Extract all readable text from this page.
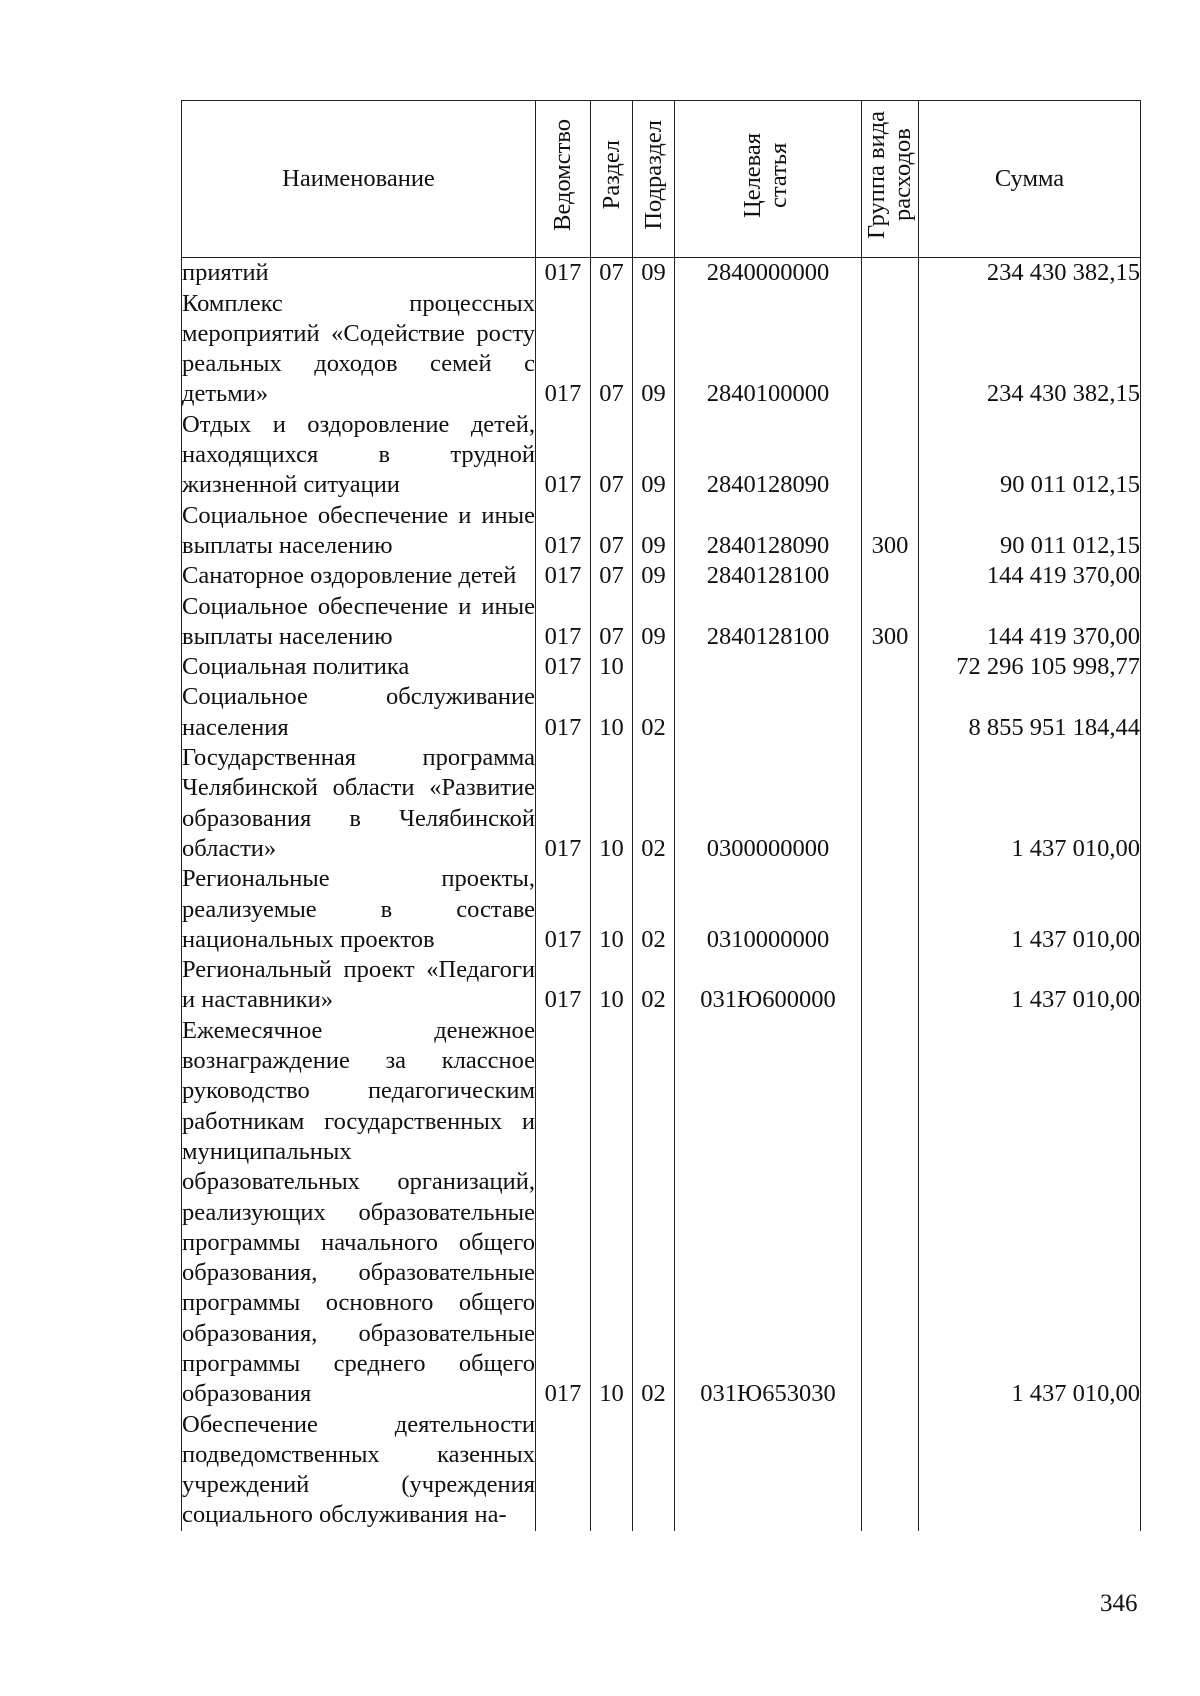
Наименование	Ведомство	Раздел	Подраздел	Целевая статья	Группа вида расходов	Сумма
приятий	017	07	09	2840000000		234 430 382,15
Комплекс процессных мероприятий «Содействие росту реальных доходов семей с детьми»	017	07	09	2840100000		234 430 382,15
Отдых и оздоровление детей, находящихся в трудной жизненной ситуации	017	07	09	2840128090		90 011 012,15
Социальное обеспечение и иные выплаты населению	017	07	09	2840128090	300	90 011 012,15
Санаторное оздоровление детей	017	07	09	2840128100		144 419 370,00
Социальное обеспечение и иные выплаты населению	017	07	09	2840128100	300	144 419 370,00
Социальная политика	017	10				72 296 105 998,77
Социальное обслуживание населения	017	10	02			8 855 951 184,44
Государственная программа Челябинской области «Развитие образования в Челябинской области»	017	10	02	0300000000		1 437 010,00
Региональные проекты, реализуемые в составе национальных проектов	017	10	02	0310000000		1 437 010,00
Региональный проект «Педагоги и наставники»	017	10	02	031Ю600000		1 437 010,00
Ежемесячное денежное вознаграждение за классное руководство педагогическим работникам государственных и муниципальных образовательных организаций, реализующих образовательные программы начального общего образования, образовательные программы основного общего образования, образовательные программы среднего общего образования	017	10	02	031Ю653030		1 437 010,00
Обеспечение деятельности подведомственных казенных учреждений (учреждения социального обслуживания на-						
346
